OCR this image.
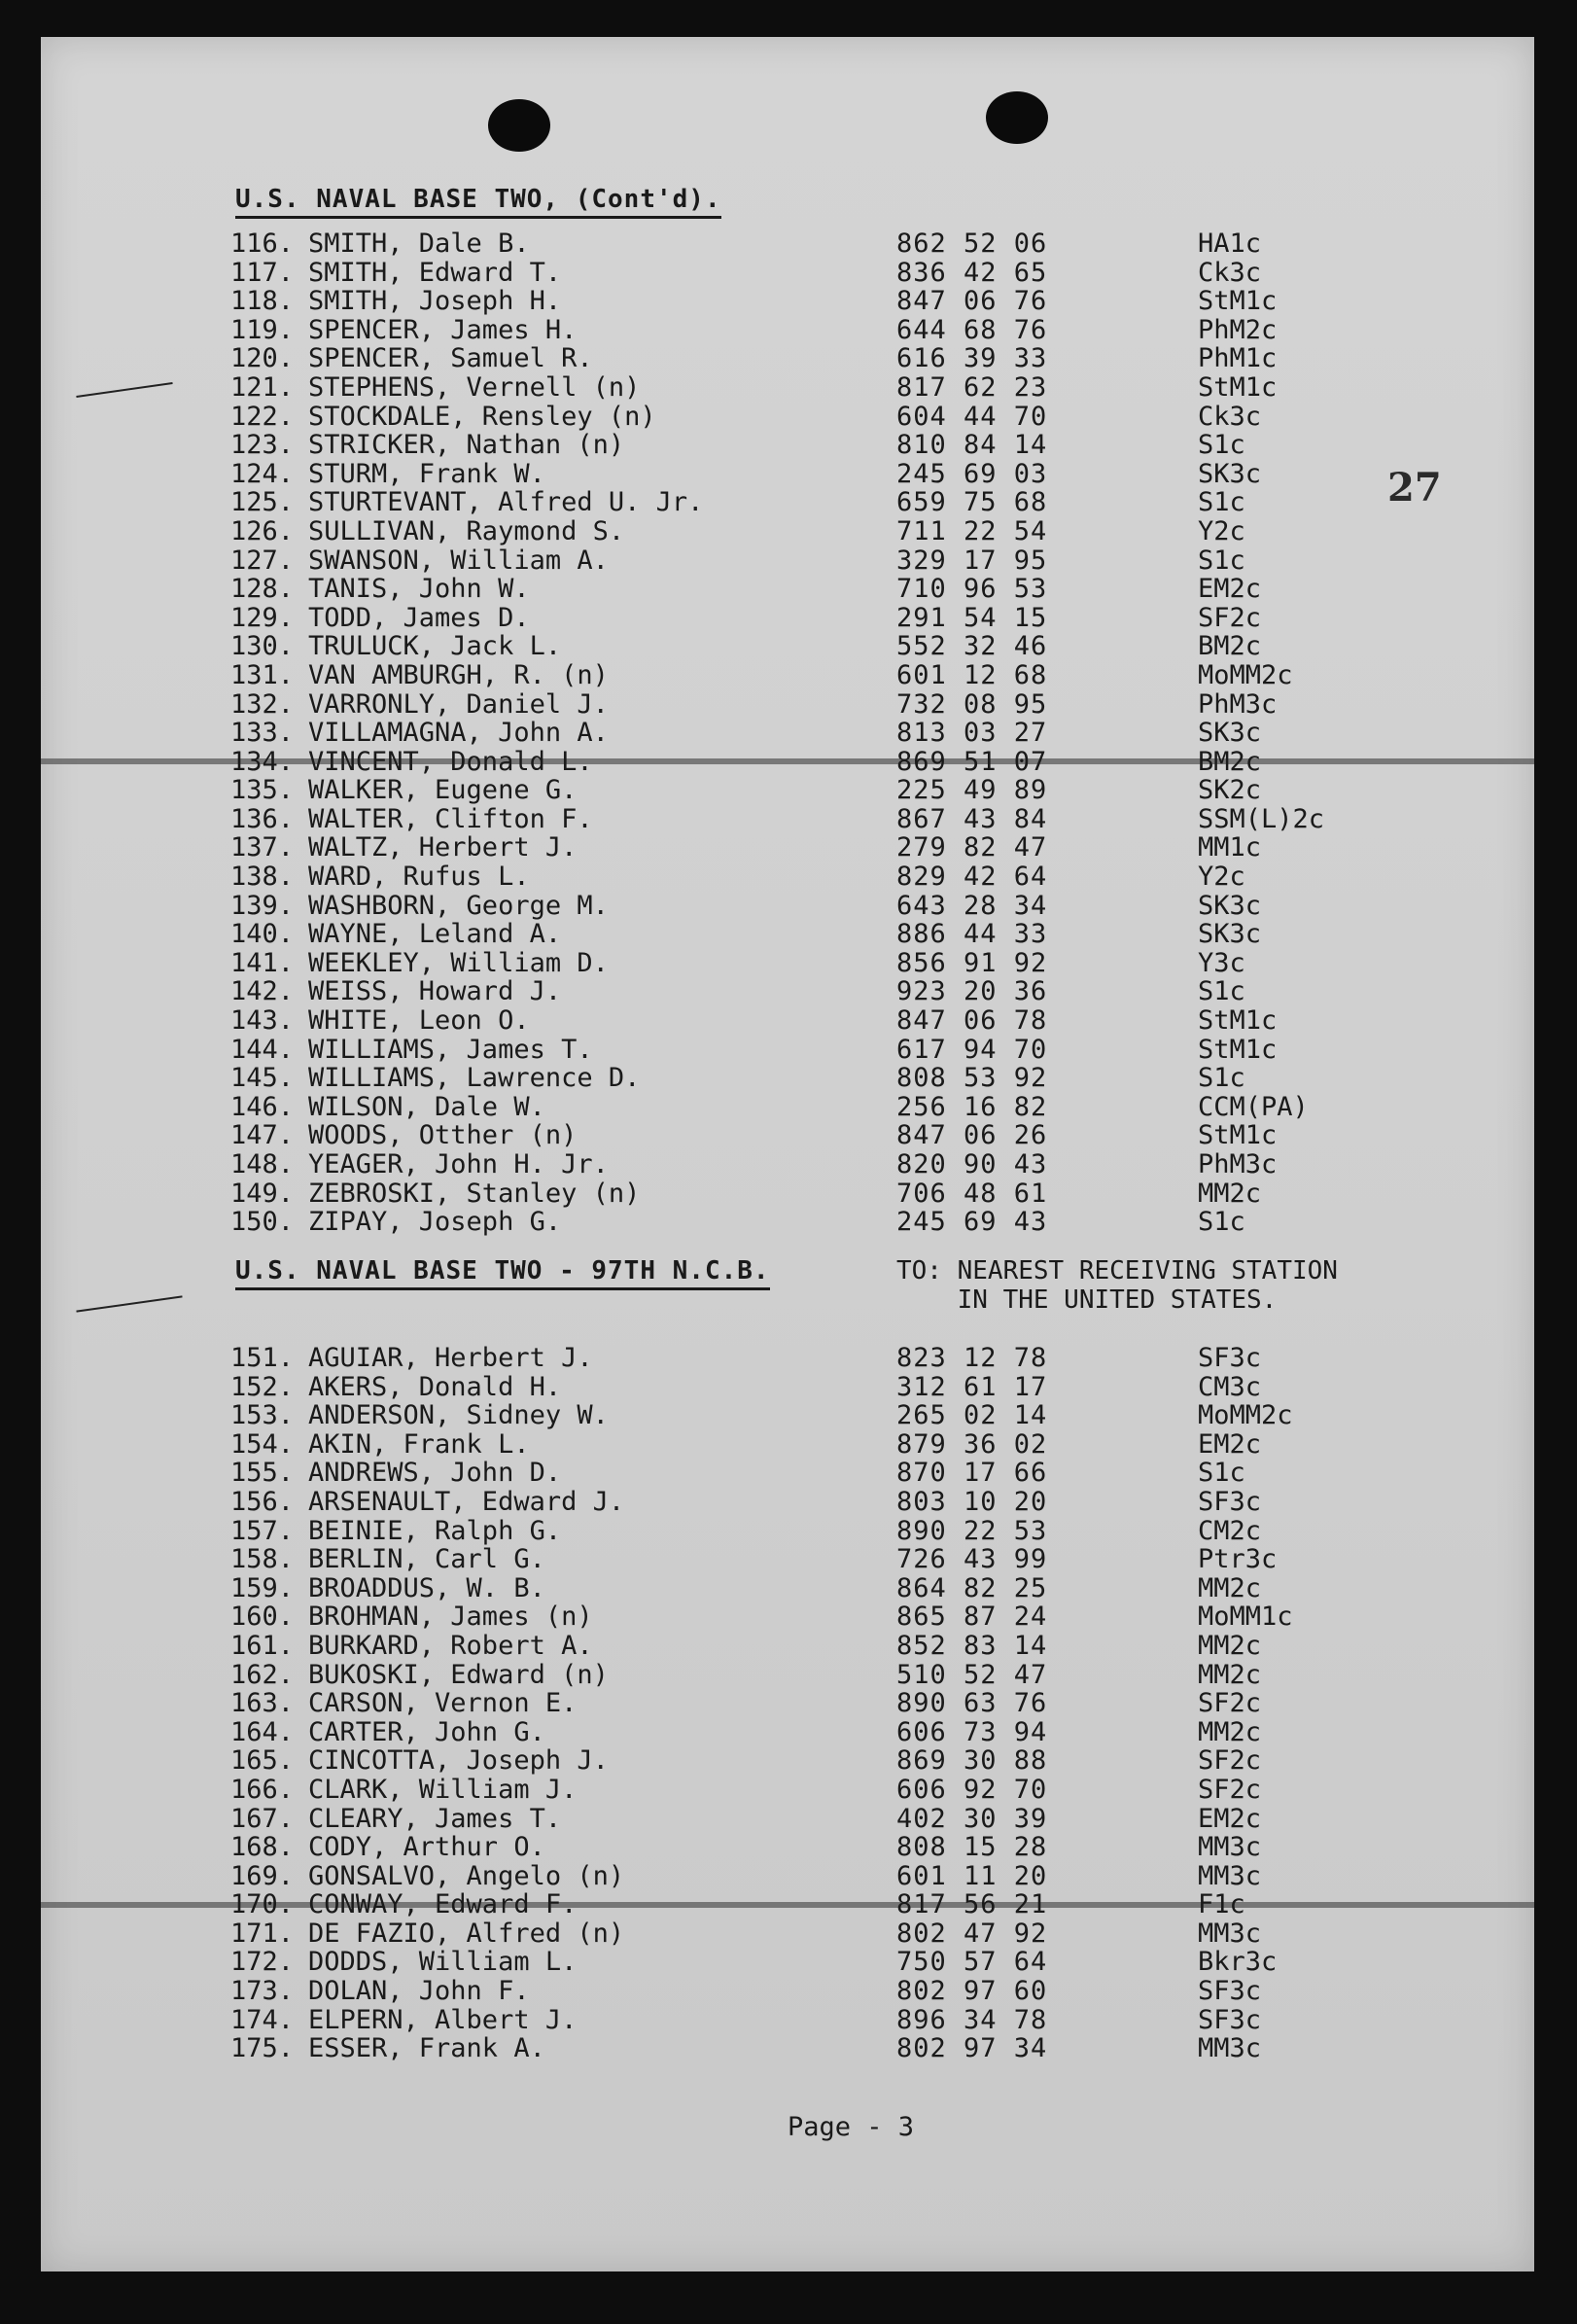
27
U.S. NAVAL BASE TWO, (Cont'd).
116. SMITH, Dale B.	862 52 06	HA1c
117. SMITH, Edward T.	836 42 65	Ck3c
118. SMITH, Joseph H.	847 06 76	StM1c
119. SPENCER, James H.	644 68 76	PhM2c
120. SPENCER, Samuel R.	616 39 33	PhM1c
121. STEPHENS, Vernell (n)	817 62 23	StM1c
122. STOCKDALE, Rensley (n)	604 44 70	Ck3c
123. STRICKER, Nathan (n)	810 84 14	S1c
124. STURM, Frank W.	245 69 03	SK3c
125. STURTEVANT, Alfred U. Jr.	659 75 68	S1c
126. SULLIVAN, Raymond S.	711 22 54	Y2c
127. SWANSON, William A.	329 17 95	S1c
128. TANIS, John W.	710 96 53	EM2c
129. TODD, James D.	291 54 15	SF2c
130. TRULUCK, Jack L.	552 32 46	BM2c
131. VAN AMBURGH, R. (n)	601 12 68	MoMM2c
132. VARRONLY, Daniel J.	732 08 95	PhM3c
133. VILLAMAGNA, John A.	813 03 27	SK3c
134. VINCENT, Donald L.	869 51 07	BM2c
135. WALKER, Eugene G.	225 49 89	SK2c
136. WALTER, Clifton F.	867 43 84	SSM(L)2c
137. WALTZ, Herbert J.	279 82 47	MM1c
138. WARD, Rufus L.	829 42 64	Y2c
139. WASHBORN, George M.	643 28 34	SK3c
140. WAYNE, Leland A.	886 44 33	SK3c
141. WEEKLEY, William D.	856 91 92	Y3c
142. WEISS, Howard J.	923 20 36	S1c
143. WHITE, Leon O.	847 06 78	StM1c
144. WILLIAMS, James T.	617 94 70	StM1c
145. WILLIAMS, Lawrence D.	808 53 92	S1c
146. WILSON, Dale W.	256 16 82	CCM(PA)
147. WOODS, Otther (n)	847 06 26	StM1c
148. YEAGER, John H. Jr.	820 90 43	PhM3c
149. ZEBROSKI, Stanley (n)	706 48 61	MM2c
150. ZIPAY, Joseph G.	245 69 43	S1c
U.S. NAVAL BASE TWO - 97TH N.C.B.	TO: NEAREST RECEIVING STATION
IN THE UNITED STATES.
151. AGUIAR, Herbert J.	823 12 78	SF3c
152. AKERS, Donald H.	312 61 17	CM3c
153. ANDERSON, Sidney W.	265 02 14	MoMM2c
154. AKIN, Frank L.	879 36 02	EM2c
155. ANDREWS, John D.	870 17 66	S1c
156. ARSENAULT, Edward J.	803 10 20	SF3c
157. BEINIE, Ralph G.	890 22 53	CM2c
158. BERLIN, Carl G.	726 43 99	Ptr3c
159. BROADDUS, W. B.	864 82 25	MM2c
160. BROHMAN, James (n)	865 87 24	MoMM1c
161. BURKARD, Robert A.	852 83 14	MM2c
162. BUKOSKI, Edward (n)	510 52 47	MM2c
163. CARSON, Vernon E.	890 63 76	SF2c
164. CARTER, John G.	606 73 94	MM2c
165. CINCOTTA, Joseph J.	869 30 88	SF2c
166. CLARK, William J.	606 92 70	SF2c
167. CLEARY, James T.	402 30 39	EM2c
168. CODY, Arthur O.	808 15 28	MM3c
169. GONSALVO, Angelo (n)	601 11 20	MM3c
170. CONWAY, Edward F.	817 56 21	F1c
171. DE FAZIO, Alfred (n)	802 47 92	MM3c
172. DODDS, William L.	750 57 64	Bkr3c
173. DOLAN, John F.	802 97 60	SF3c
174. ELPERN, Albert J.	896 34 78	SF3c
175. ESSER, Frank A.	802 97 34	MM3c
Page - 3
